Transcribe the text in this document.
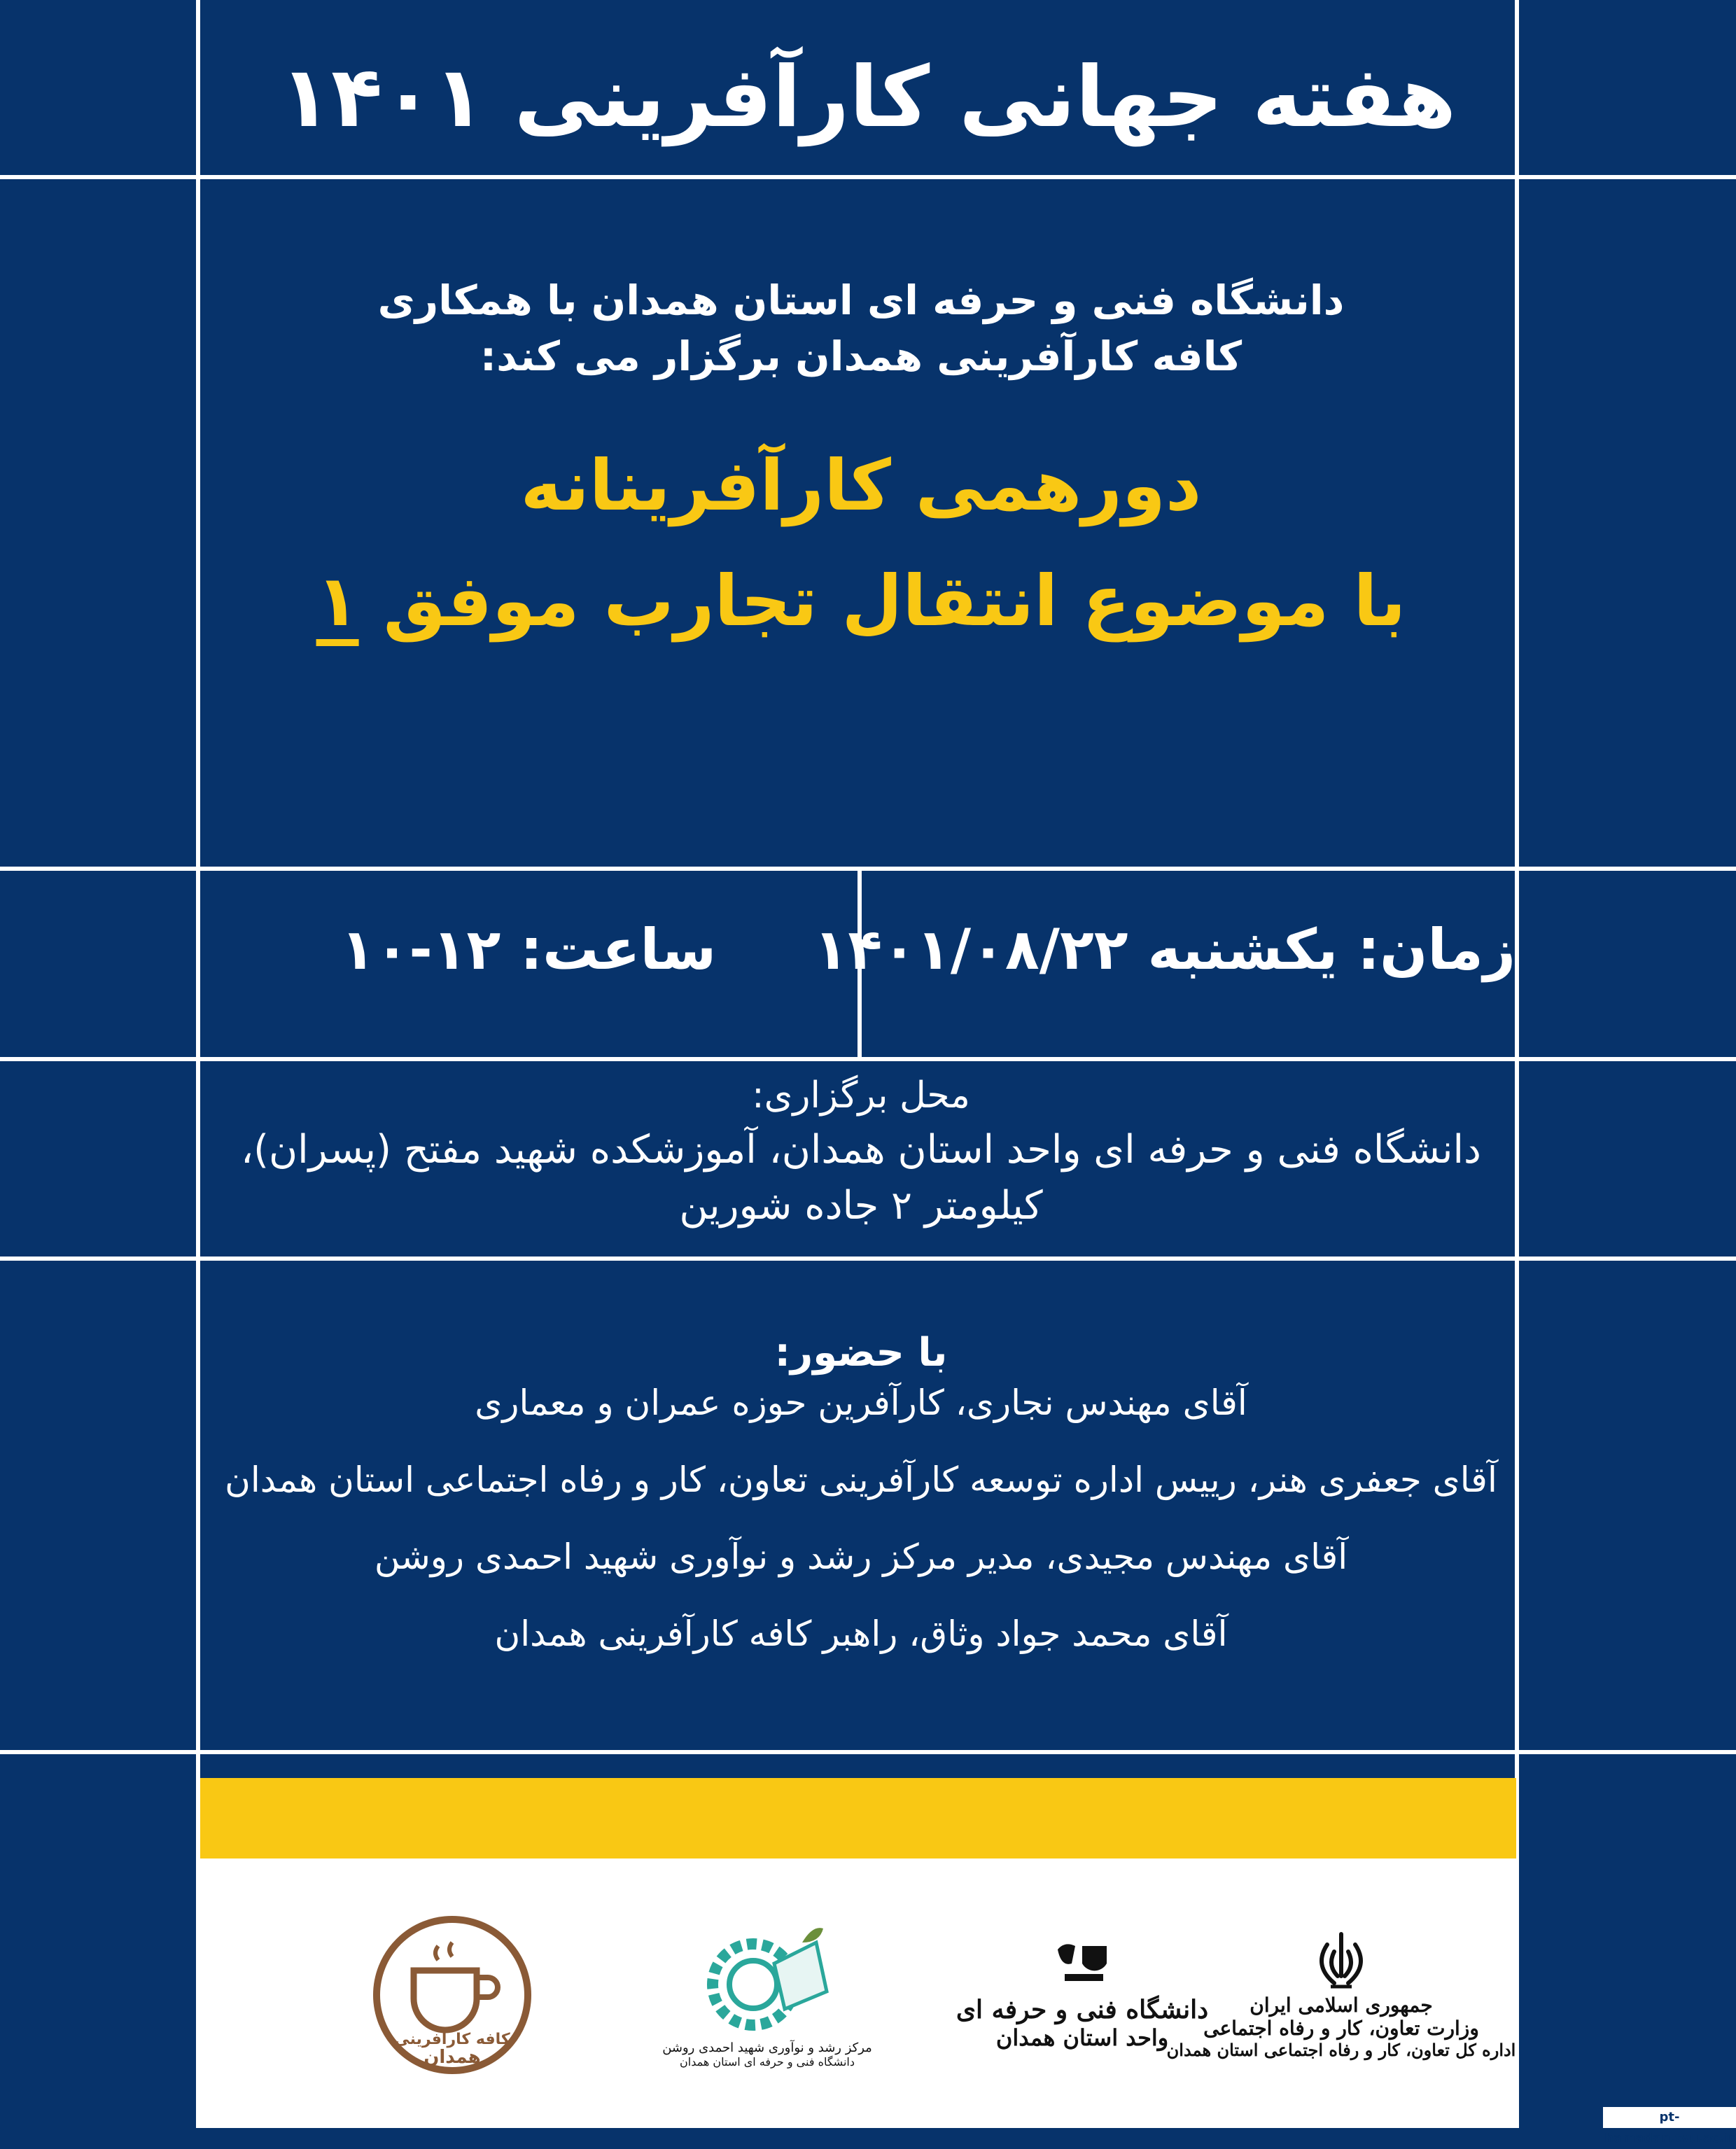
هفته جهانی کارآفرینی ۱۴۰۱
دانشگاه فنی و حرفه ای استان همدان با همکاری
کافه کارآفرینی همدان برگزار می کند:
دورهمی کارآفرینانه
با موضوع انتقال تجارب موفق ۱
زمان: یکشنبه ۱۴۰۱/۰۸/۲۲
ساعت: ۱۲-۱۰
محل برگزاری:
دانشگاه فنی و حرفه ای واحد استان همدان، آموزشکده شهید مفتح (پسران)،
کیلومتر ۲ جاده شورین
با حضور:
آقای مهندس نجاری، کارآفرین حوزه عمران و معماری
آقای جعفری هنر، رییس اداره توسعه کارآفرینی تعاون، کار و رفاه اجتماعی استان همدان
آقای مهندس مجیدی، مدیر مرکز رشد و نوآوری شهید احمدی روشن
آقای محمد جواد وثاق، راهبر کافه کارآفرینی همدان
کافه کارآفرینی
همدان	مرکز رشد و نوآوری شهید احمدی روشن
دانشگاه فنی و حرفه ای استان همدان
دانشگاه فنی و حرفه ای
واحد استان همدان
جمهوری اسلامی ایران
وزارت تعاون، کار و رفاه اجتماعی
اداره کل تعاون، کار و رفاه اجتماعی استان همدان
pt-hamadan.tvu.ac.ir
